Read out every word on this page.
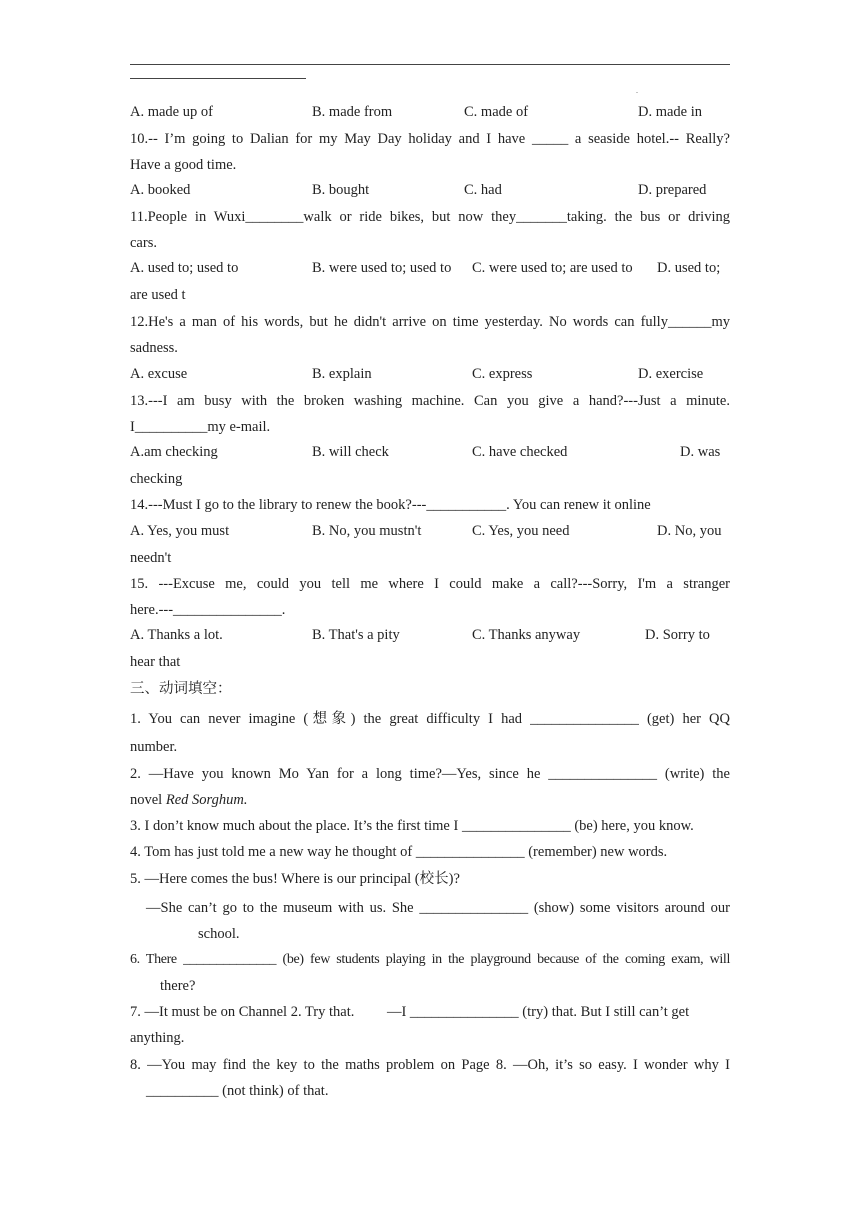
.
A. made up of	B. made from	C. made of	D. made in
10.-- I’m going to Dalian for my May Day holiday and I have _____ a seaside hotel.-- Really?
Have a good time.
A. booked	B. bought	C. had	D. prepared
11.People in Wuxi________walk or ride bikes, but now they_______taking. the bus or driving
cars.
A. used to; used to	B. were used to; used to C. were used to; are used to D. used to;
are used t
12.He's a man of his words, but he didn't arrive on time yesterday. No words can fully______my
sadness.
A. excuse	B. explain	C. express	D. exercise
13.---I am busy with the broken washing machine. Can you give a hand?---Just a minute.
I__________my e-mail.
A.am checking	B. will check	C. have checked	D. was
checking
14.---Must I go to the library to renew the book?---___________. You can renew it online
A. Yes, you must	B. No, you mustn't	C. Yes, you need	D. No, you
needn't
15. ---Excuse me, could you tell me where I could make a call?---Sorry, I'm a stranger
here.---_______________.
A. Thanks a lot.	B. That's a pity	C. Thanks anyway	D. Sorry to
hear that
三、动词填空：
1. You can never imagine (想象) the great difficulty I had _______________ (get) her QQ
number.
2. —Have you known Mo Yan for a long time?—Yes, since he _______________ (write) the
novel Red Sorghum.
3. I don’t know much about the place. It’s the first time I _______________ (be) here, you know.
4. Tom has just told me a new way he thought of _______________ (remember) new words.
5. —Here comes the bus! Where is our principal (校长)?
—She can’t go to the museum with us. She _______________ (show) some visitors around our
school.
6. There ______________ (be) few students playing in the playground because of the coming exam, will
there?
7. —It must be on Channel 2. Try that.         —I _______________ (try) that. But I still can’t get
anything.
8. —You may find the key to the maths problem on Page 8. —Oh, it’s so easy. I wonder why I
__________ (not think) of that.
